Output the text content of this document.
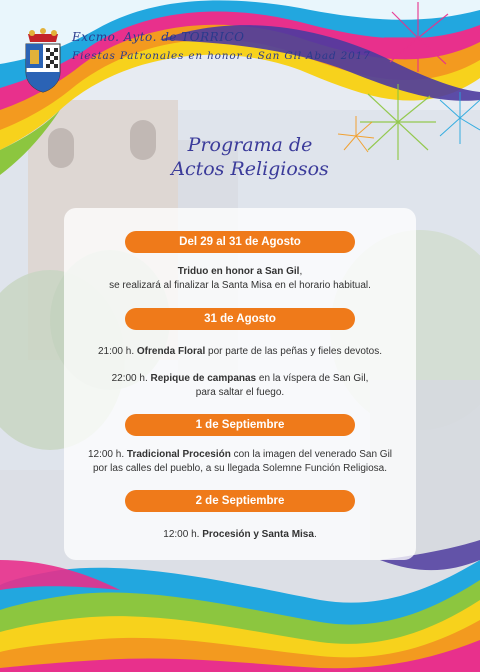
Excmo. Ayto. de TORRICO
Fiestas Patronales en honor a San Gil Abad 2017
Programa de
Actos Religiosos
Del 29 al 31 de Agosto
Triduo en honor a San Gil,
se realizará al finalizar la Santa Misa en el horario habitual.
31 de Agosto
21:00 h. Ofrenda Floral por parte de las peñas y fieles devotos.
22:00 h. Repique de campanas en la víspera de San Gil,
para saltar el fuego.
1 de Septiembre
12:00 h. Tradicional Procesión con la imagen del venerado San Gil
por las calles del pueblo, a su llegada Solemne Función Religiosa.
2 de Septiembre
12:00 h. Procesión y Santa Misa.
